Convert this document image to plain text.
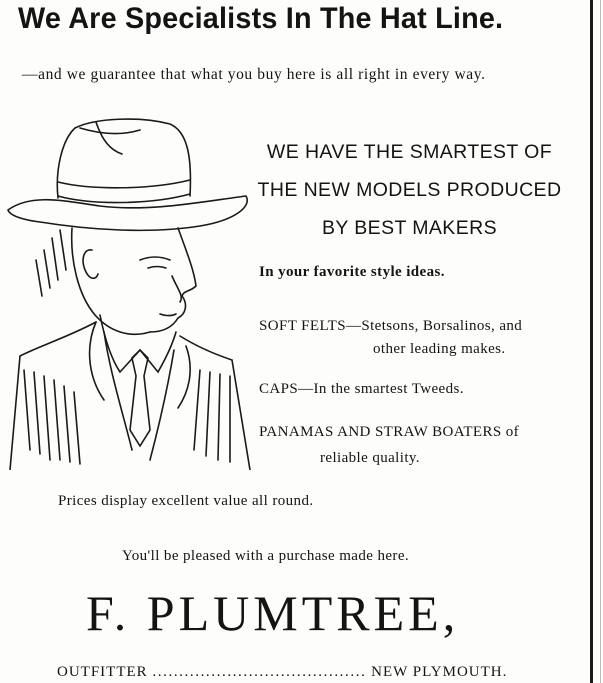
We Are Specialists In The Hat Line.
—and we guarantee that what you buy here is all right in every way.
WE HAVE THE SMARTEST OF
THE NEW MODELS PRODUCED
BY BEST MAKERS
In your favorite style ideas.
SOFT FELTS—Stetsons, Borsalinos, and
other leading makes.
CAPS—In the smartest Tweeds.
PANAMAS AND STRAW BOATERS of
reliable quality.
Prices display excellent value all round.
You'll be pleased with a purchase made here.
F. PLUMTREE,
OUTFITTER ........................................ NEW PLYMOUTH.
